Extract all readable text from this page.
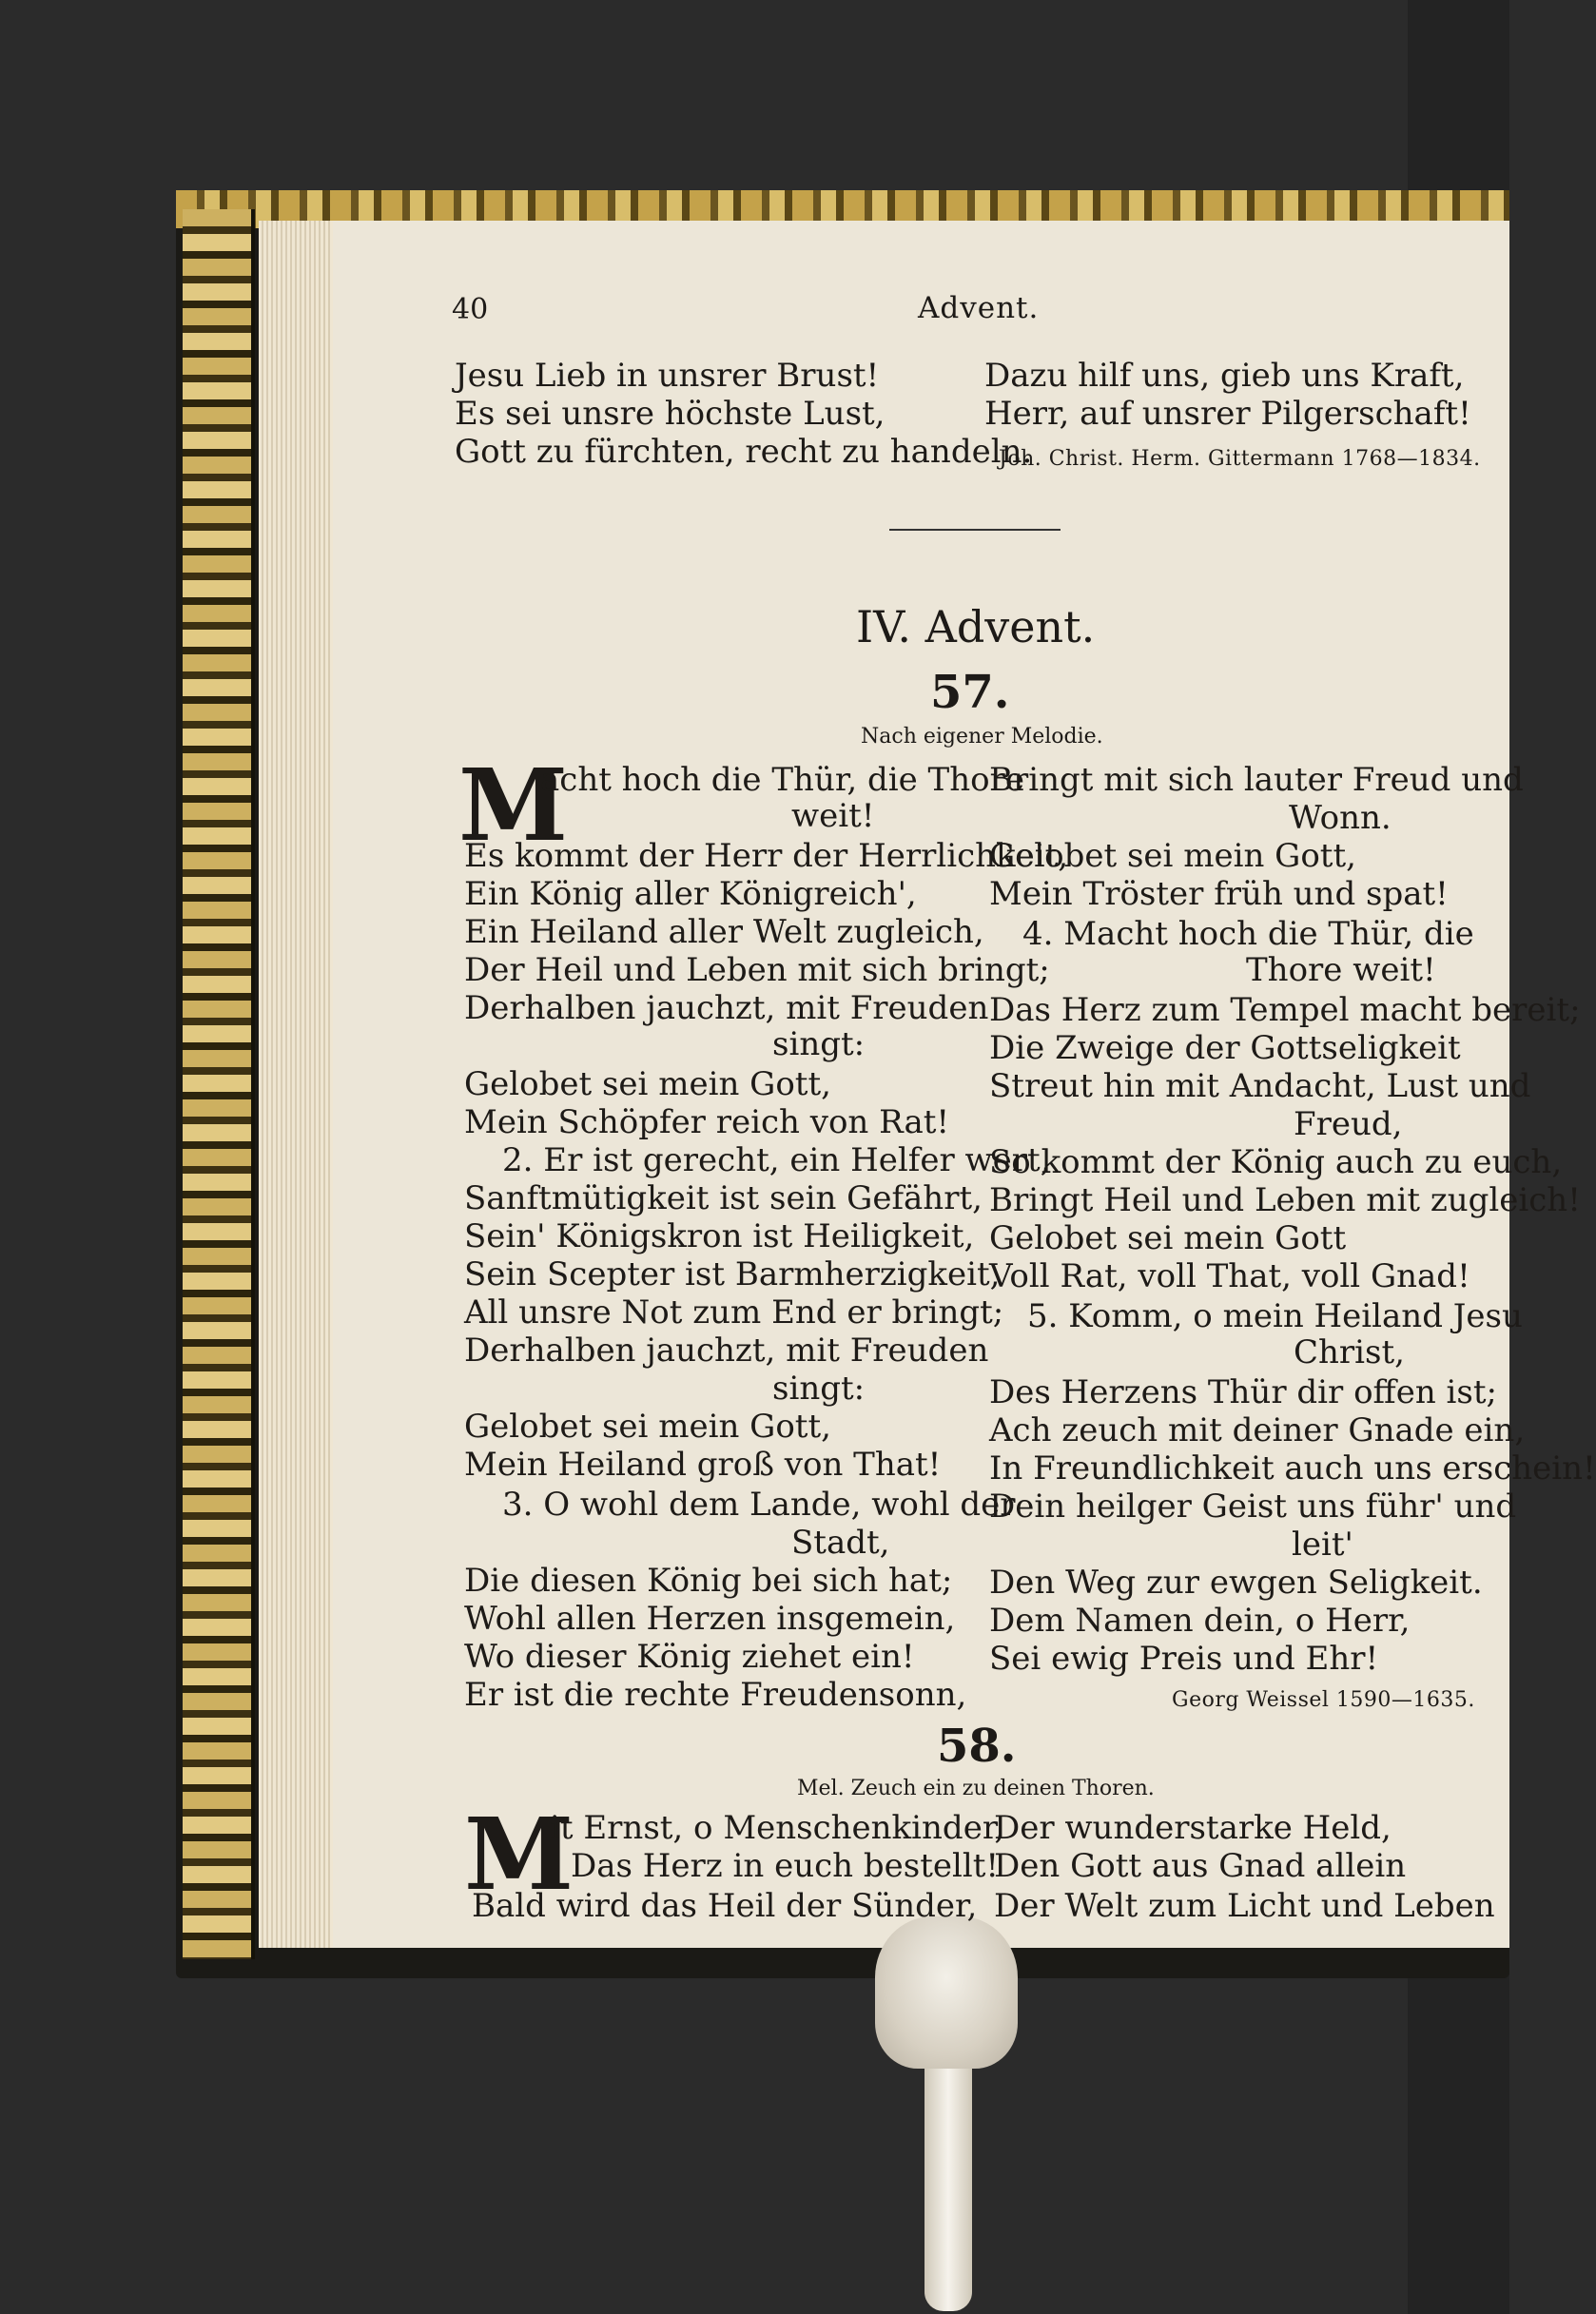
40	Advent.
Jesu Lieb in unsrer Brust!
Es sei unsre höchste Lust,
Gott zu fürchten, recht zu handeln.
Dazu hilf uns, gieb uns Kraft,
Herr, auf unsrer Pilgerschaft!
Joh. Christ. Herm. Gittermann 1768—1834.
IV. Advent.
57.
Nach eigener Melodie.
M
acht hoch die Thür, die Thore
weit!
Es kommt der Herr der Herrlichkeit,
Ein König aller Königreich',
Ein Heiland aller Welt zugleich,
Der Heil und Leben mit sich bringt;
Derhalben jauchzt, mit Freuden
singt:
Gelobet sei mein Gott,
Mein Schöpfer reich von Rat!
2. Er ist gerecht, ein Helfer wert,
Sanftmütigkeit ist sein Gefährt,
Sein' Königskron ist Heiligkeit,
Sein Scepter ist Barmherzigkeit,
All unsre Not zum End er bringt;
Derhalben jauchzt, mit Freuden
singt:
Gelobet sei mein Gott,
Mein Heiland groß von That!
3. O wohl dem Lande, wohl der
Stadt,
Die diesen König bei sich hat;
Wohl allen Herzen insgemein,
Wo dieser König ziehet ein!
Er ist die rechte Freudensonn,
Bringt mit sich lauter Freud und
Wonn.
Gelobet sei mein Gott,
Mein Tröster früh und spat!
4. Macht hoch die Thür, die
Thore weit!
Das Herz zum Tempel macht bereit;
Die Zweige der Gottseligkeit
Streut hin mit Andacht, Lust und
Freud,
So kommt der König auch zu euch,
Bringt Heil und Leben mit zugleich!
Gelobet sei mein Gott
Voll Rat, voll That, voll Gnad!
5. Komm, o mein Heiland Jesu
Christ,
Des Herzens Thür dir offen ist;
Ach zeuch mit deiner Gnade ein,
In Freundlichkeit auch uns erschein!
Dein heilger Geist uns führ' und
leit'
Den Weg zur ewgen Seligkeit.
Dem Namen dein, o Herr,
Sei ewig Preis und Ehr!
Georg Weissel 1590—1635.
58.
Mel. Zeuch ein zu deinen Thoren.
M
it Ernst, o Menschenkinder,
Das Herz in euch bestellt!
Bald wird das Heil der Sünder,
Der wunderstarke Held,
Den Gott aus Gnad allein
Der Welt zum Licht und Leben
